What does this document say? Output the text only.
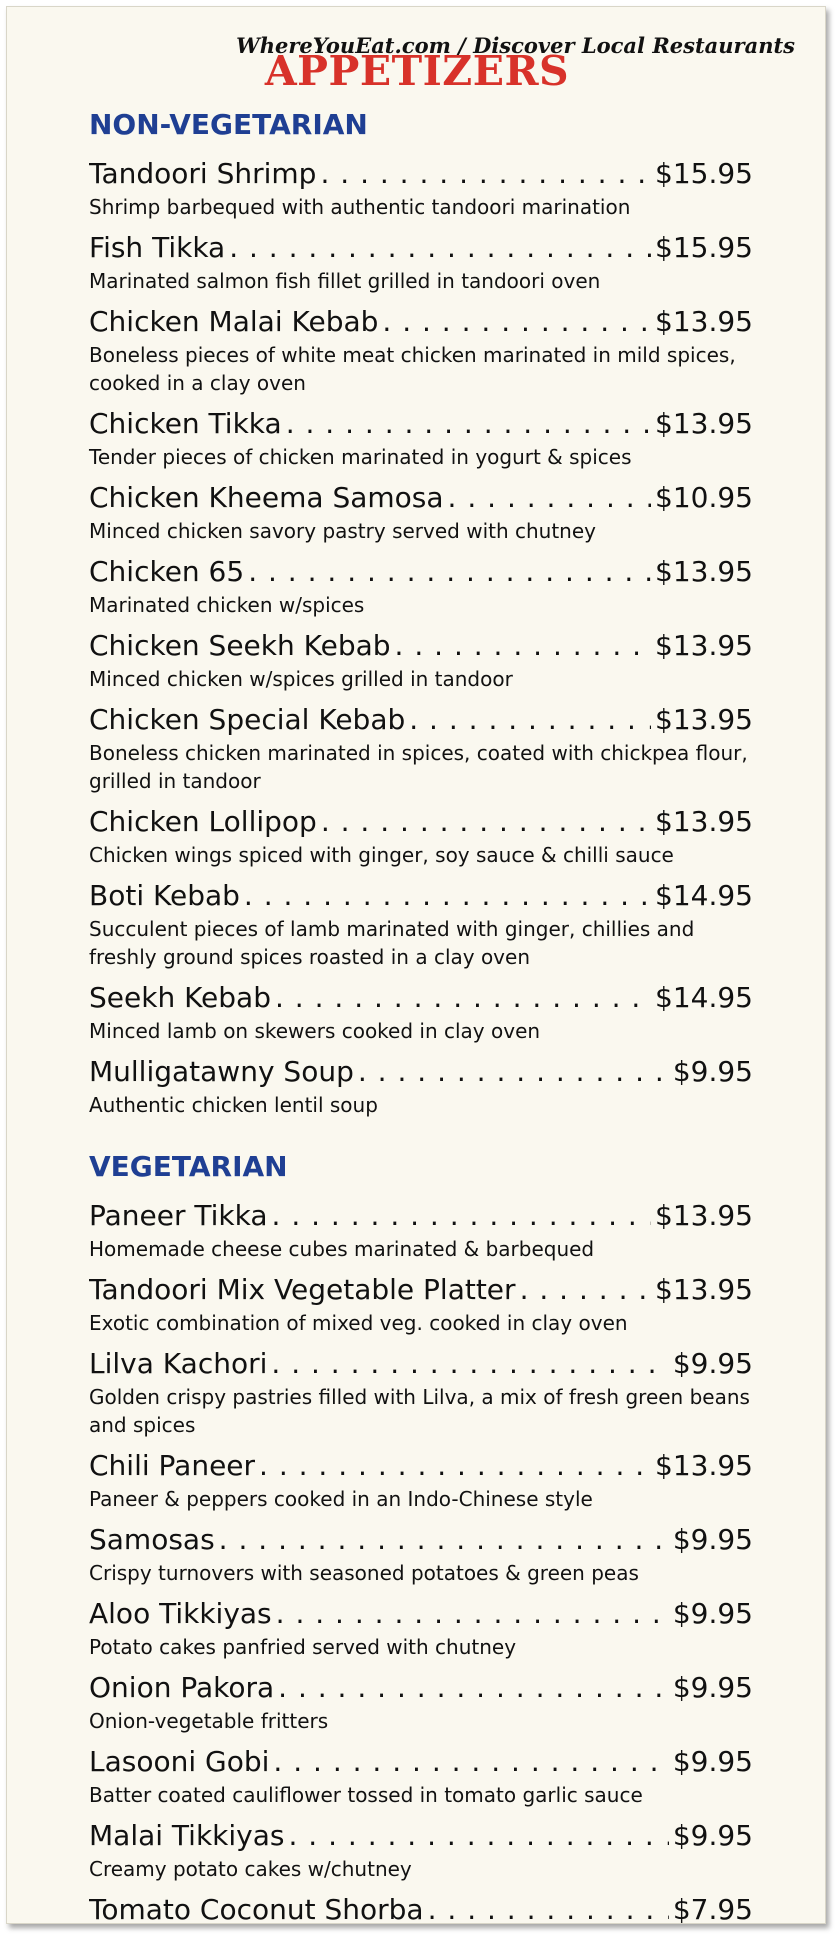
WhereYouEat.com / Discover Local Restaurants
APPETIZERS
NON-VEGETARIAN
Tandoori Shrimp . . .	$15.95

Shrimp barbequed with authentic tandoori marination

Fish Tikka . . .	$15.95

Marinated salmon fish fillet grilled in tandoori oven

Chicken Malai Kebab . . .	$13.95

Boneless pieces of white meat chicken marinated in mild spices, cooked in a clay oven

Chicken Tikka . . .	$13.95

Tender pieces of chicken marinated in yogurt & spices

Chicken Kheema Samosa . . .	$10.95

Minced chicken savory pastry served with chutney

Chicken 65 . . .	$13.95

Marinated chicken w/spices

Chicken Seekh Kebab . . .	$13.95

Minced chicken w/spices grilled in tandoor

Chicken Special Kebab . . .	$13.95

Boneless chicken marinated in spices, coated with chickpea flour, grilled in tandoor

Chicken Lollipop . . .	$13.95

Chicken wings spiced with ginger, soy sauce & chilli sauce

Boti Kebab . . .	$14.95

Succulent pieces of lamb marinated with ginger, chillies and freshly ground spices roasted in a clay oven

Seekh Kebab . . .	$14.95

Minced lamb on skewers cooked in clay oven

Mulligatawny Soup . . .	$9.95

Authentic chicken lentil soup

VEGETARIAN
Paneer Tikka . . .	$13.95

Homemade cheese cubes marinated & barbequed

Tandoori Mix Vegetable Platter . . .	$13.95

Exotic combination of mixed veg. cooked in clay oven

Lilva Kachori . . .	$9.95

Golden crispy pastries filled with Lilva, a mix of fresh green beans and spices

Chili Paneer . . .	$13.95

Paneer & peppers cooked in an Indo-Chinese style

Samosas . . .	$9.95

Crispy turnovers with seasoned potatoes & green peas

Aloo Tikkiyas . . .	$9.95

Potato cakes panfried served with chutney

Onion Pakora . . .	$9.95

Onion-vegetable fritters

Lasooni Gobi . . .	$9.95

Batter coated cauliflower tossed in tomato garlic sauce

Malai Tikkiyas . . .	$9.95

Creamy potato cakes w/chutney

Tomato Coconut Shorba . . .	$7.95
